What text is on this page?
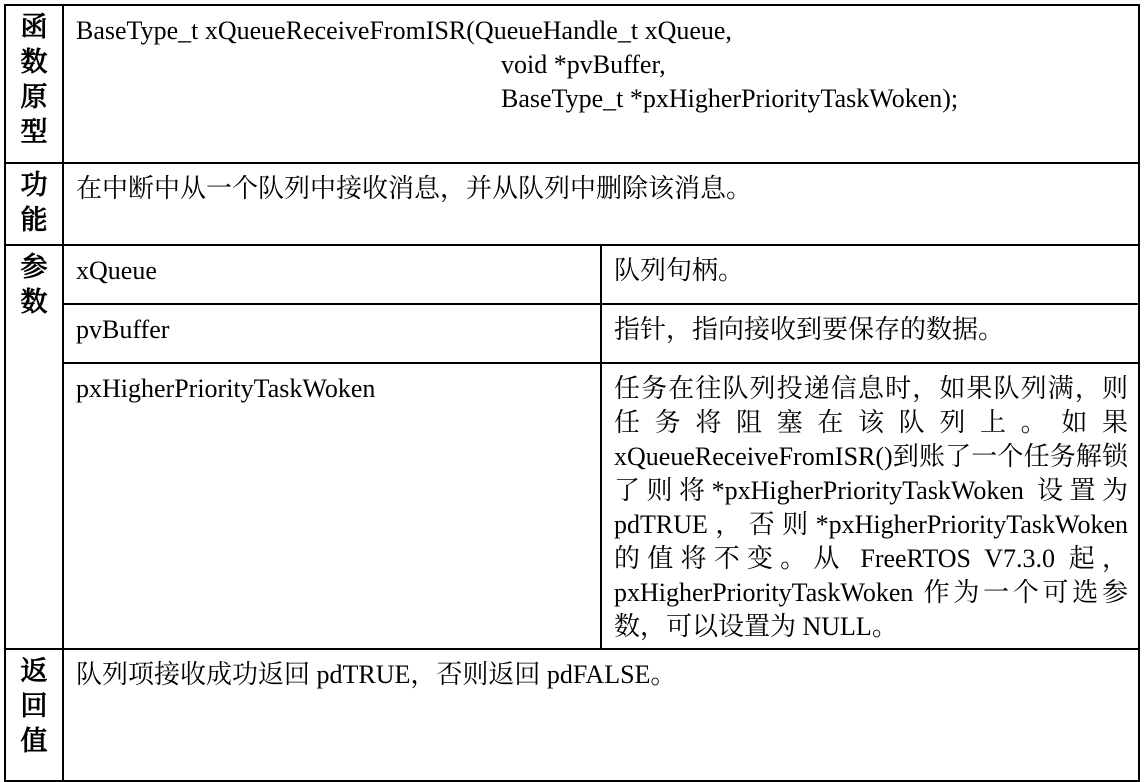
函
数
原
型	BaseType_t xQueueReceiveFromISR(QueueHandle_t xQueue,
void *pvBuffer,
BaseType_t *pxHigherPriorityTaskWoken);	

功
能	在中断中从一个队列中接收消息，并从队列中删除该消息。	

参
数	xQueue	队列句柄。
	pvBuffer	指针，指向接收到要保存的数据。
	pxHigherPriorityTaskWoken	任务在往队列投递信息时，如果队列满，则任务将阻塞在该队列上。如果 xQueueReceiveFromISR()到账了一个任务解锁了则将*pxHigherPriorityTaskWoken 设置为pdTRUE，否则*pxHigherPriorityTaskWoken 的值将不变。从 FreeRTOS V7.3.0 起，pxHigherPriorityTaskWoken 作为一个可选参数，可以设置为 NULL。

返
回
值	队列项接收成功返回 pdTRUE，否则返回 pdFALSE。	
